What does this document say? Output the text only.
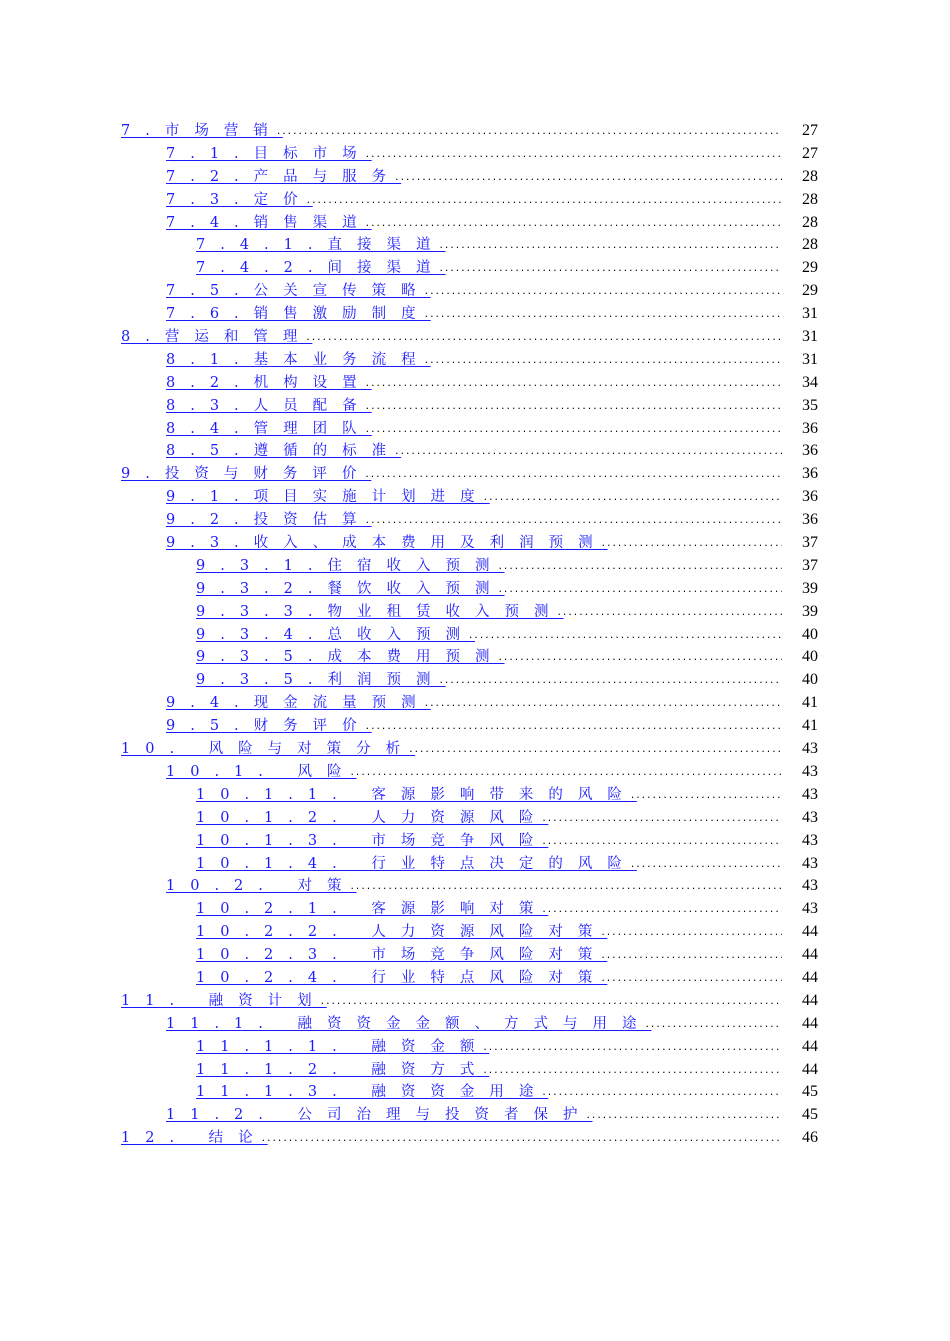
7.市场营销 .....	27
7.1.目标市场 .....	27
7.2.产品与服务 .....	28
7.3.定价 .....	28
7.4.销售渠道 .....	28
7.4.1.直接渠道 .....	28
7.4.2.间接渠道 .....	29
7.5.公关宣传策略 .....	29
7.6.销售激励制度 .....	31
8.营运和管理 .....	31
8.1.基本业务流程 .....	31
8.2.机构设置 .....	34
8.3.人员配备 .....	35
8.4.管理团队 .....	36
8.5.遵循的标准 .....	36
9.投资与财务评价 .....	36
9.1.项目实施计划进度 .....	36
9.2.投资估算 .....	36
9.3.收入、成本费用及利润预测 .....	37
9.3.1.住宿收入预测 .....	37
9.3.2.餐饮收入预测 .....	39
9.3.3.物业租赁收入预测 .....	39
9.3.4.总收入预测 .....	40
9.3.5.成本费用预测 .....	40
9.3.5.利润预测 .....	40
9.4.现金流量预测 .....	41
9.5.财务评价 .....	41
10. 风险与对策分析 .....	43
10.1. 风险 .....	43
10.1.1. 客源影响带来的风险 .....	43
10.1.2. 人力资源风险 .....	43
10.1.3. 市场竞争风险 .....	43
10.1.4. 行业特点决定的风险 .....	43
10.2. 对策 .....	43
10.2.1. 客源影响对策 .....	43
10.2.2. 人力资源风险对策 .....	44
10.2.3. 市场竞争风险对策 .....	44
10.2.4. 行业特点风险对策 .....	44
11. 融资计划 .....	44
11.1. 融资资金金额、方式与用途 .....	44
11.1.1. 融资金额 .....	44
11.1.2. 融资方式 .....	44
11.1.3. 融资资金用途 .....	45
11.2. 公司治理与投资者保护 .....	45
12. 结论 .....	46
